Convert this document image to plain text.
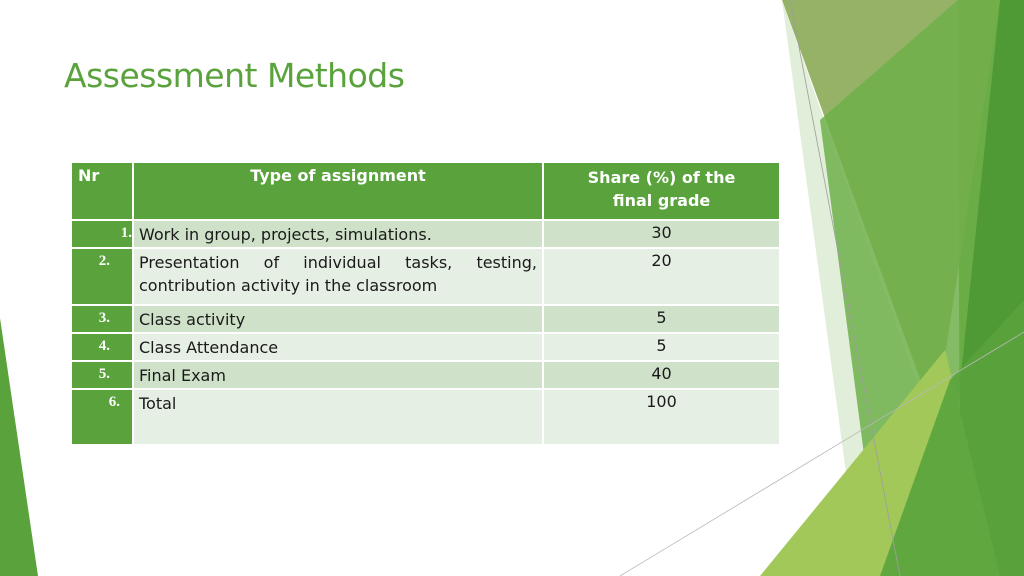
Assessment Methods
Nr	Type of assignment	Share (%) of the
final grade
1.	Work in group, projects, simulations.	30
2.	Presentation of individual tasks, testing, contribution activity in the classroom	20
3.	Class activity	5
4.	Class Attendance	5
5.	Final Exam	40
6.	Total	100
